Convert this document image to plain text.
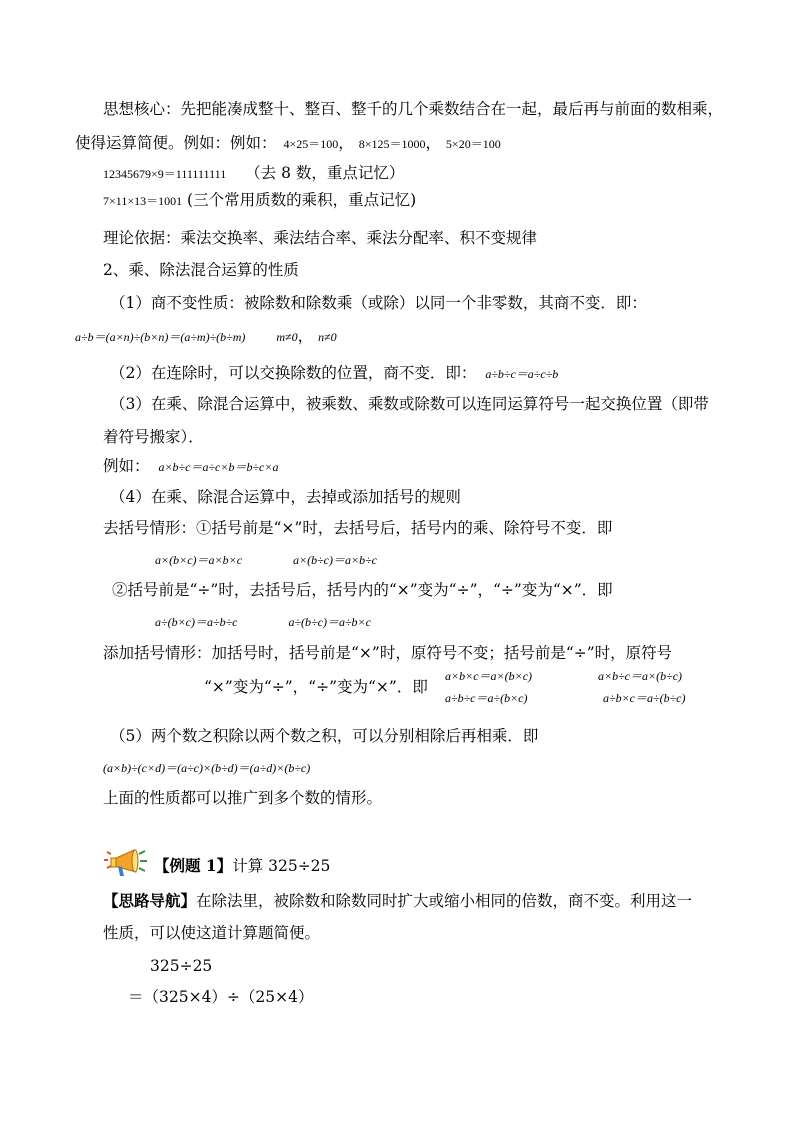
思想核心：先把能凑成整十、整百、整千的几个乘数结合在一起，最后再与前面的数相乘，
使得运算简便。例如：例如： 4×25＝100， 8×125＝1000， 5×20＝100
12345679×9＝111111111 （去 8 数，重点记忆）
7×11×13＝1001 (三个常用质数的乘积，重点记忆)
理论依据：乘法交换率、乘法结合率、乘法分配率、积不变规律
2、乘、除法混合运算的性质
（1）商不变性质：被除数和除数乘（或除）以同一个非零数，其商不变．即：
a÷b＝(a×n)÷(b×n)＝(a÷m)÷(b÷m)	m≠0， n≠0
（2）在连除时，可以交换除数的位置，商不变．即： a÷b÷c＝a÷c÷b
（3）在乘、除混合运算中，被乘数、乘数或除数可以连同运算符号一起交换位置（即带
着符号搬家）．
例如： a×b÷c＝a÷c×b＝b÷c×a
（4）在乘、除混合运算中，去掉或添加括号的规则
去括号情形：①括号前是“×”时，去括号后，括号内的乘、除符号不变．即
a×(b×c)＝a×b×c	a×(b÷c)＝a×b÷c
②括号前是“÷”时，去括号后，括号内的“×”变为“÷”，“÷”变为“×”．即
a÷(b×c)＝a÷b÷c	a÷(b÷c)＝a÷b×c
添加括号情形：加括号时，括号前是“×”时，原符号不变；括号前是“÷”时，原符号
“×”变为“÷”，“÷”变为“×”．即
a×b×c＝a×(b×c)	a×b÷c＝a×(b÷c)
a÷b÷c＝a÷(b×c)	a÷b×c＝a÷(b÷c)
（5）两个数之积除以两个数之积，可以分别相除后再相乘．即
(a×b)÷(c×d)＝(a÷c)×(b÷d)＝(a÷d)×(b÷c)
上面的性质都可以推广到多个数的情形。
【例题 1】计算 325÷25
【思路导航】在除法里，被除数和除数同时扩大或缩小相同的倍数，商不变。利用这一
性质，可以使这道计算题简便。
325÷25
＝（325×4）÷（25×4）
